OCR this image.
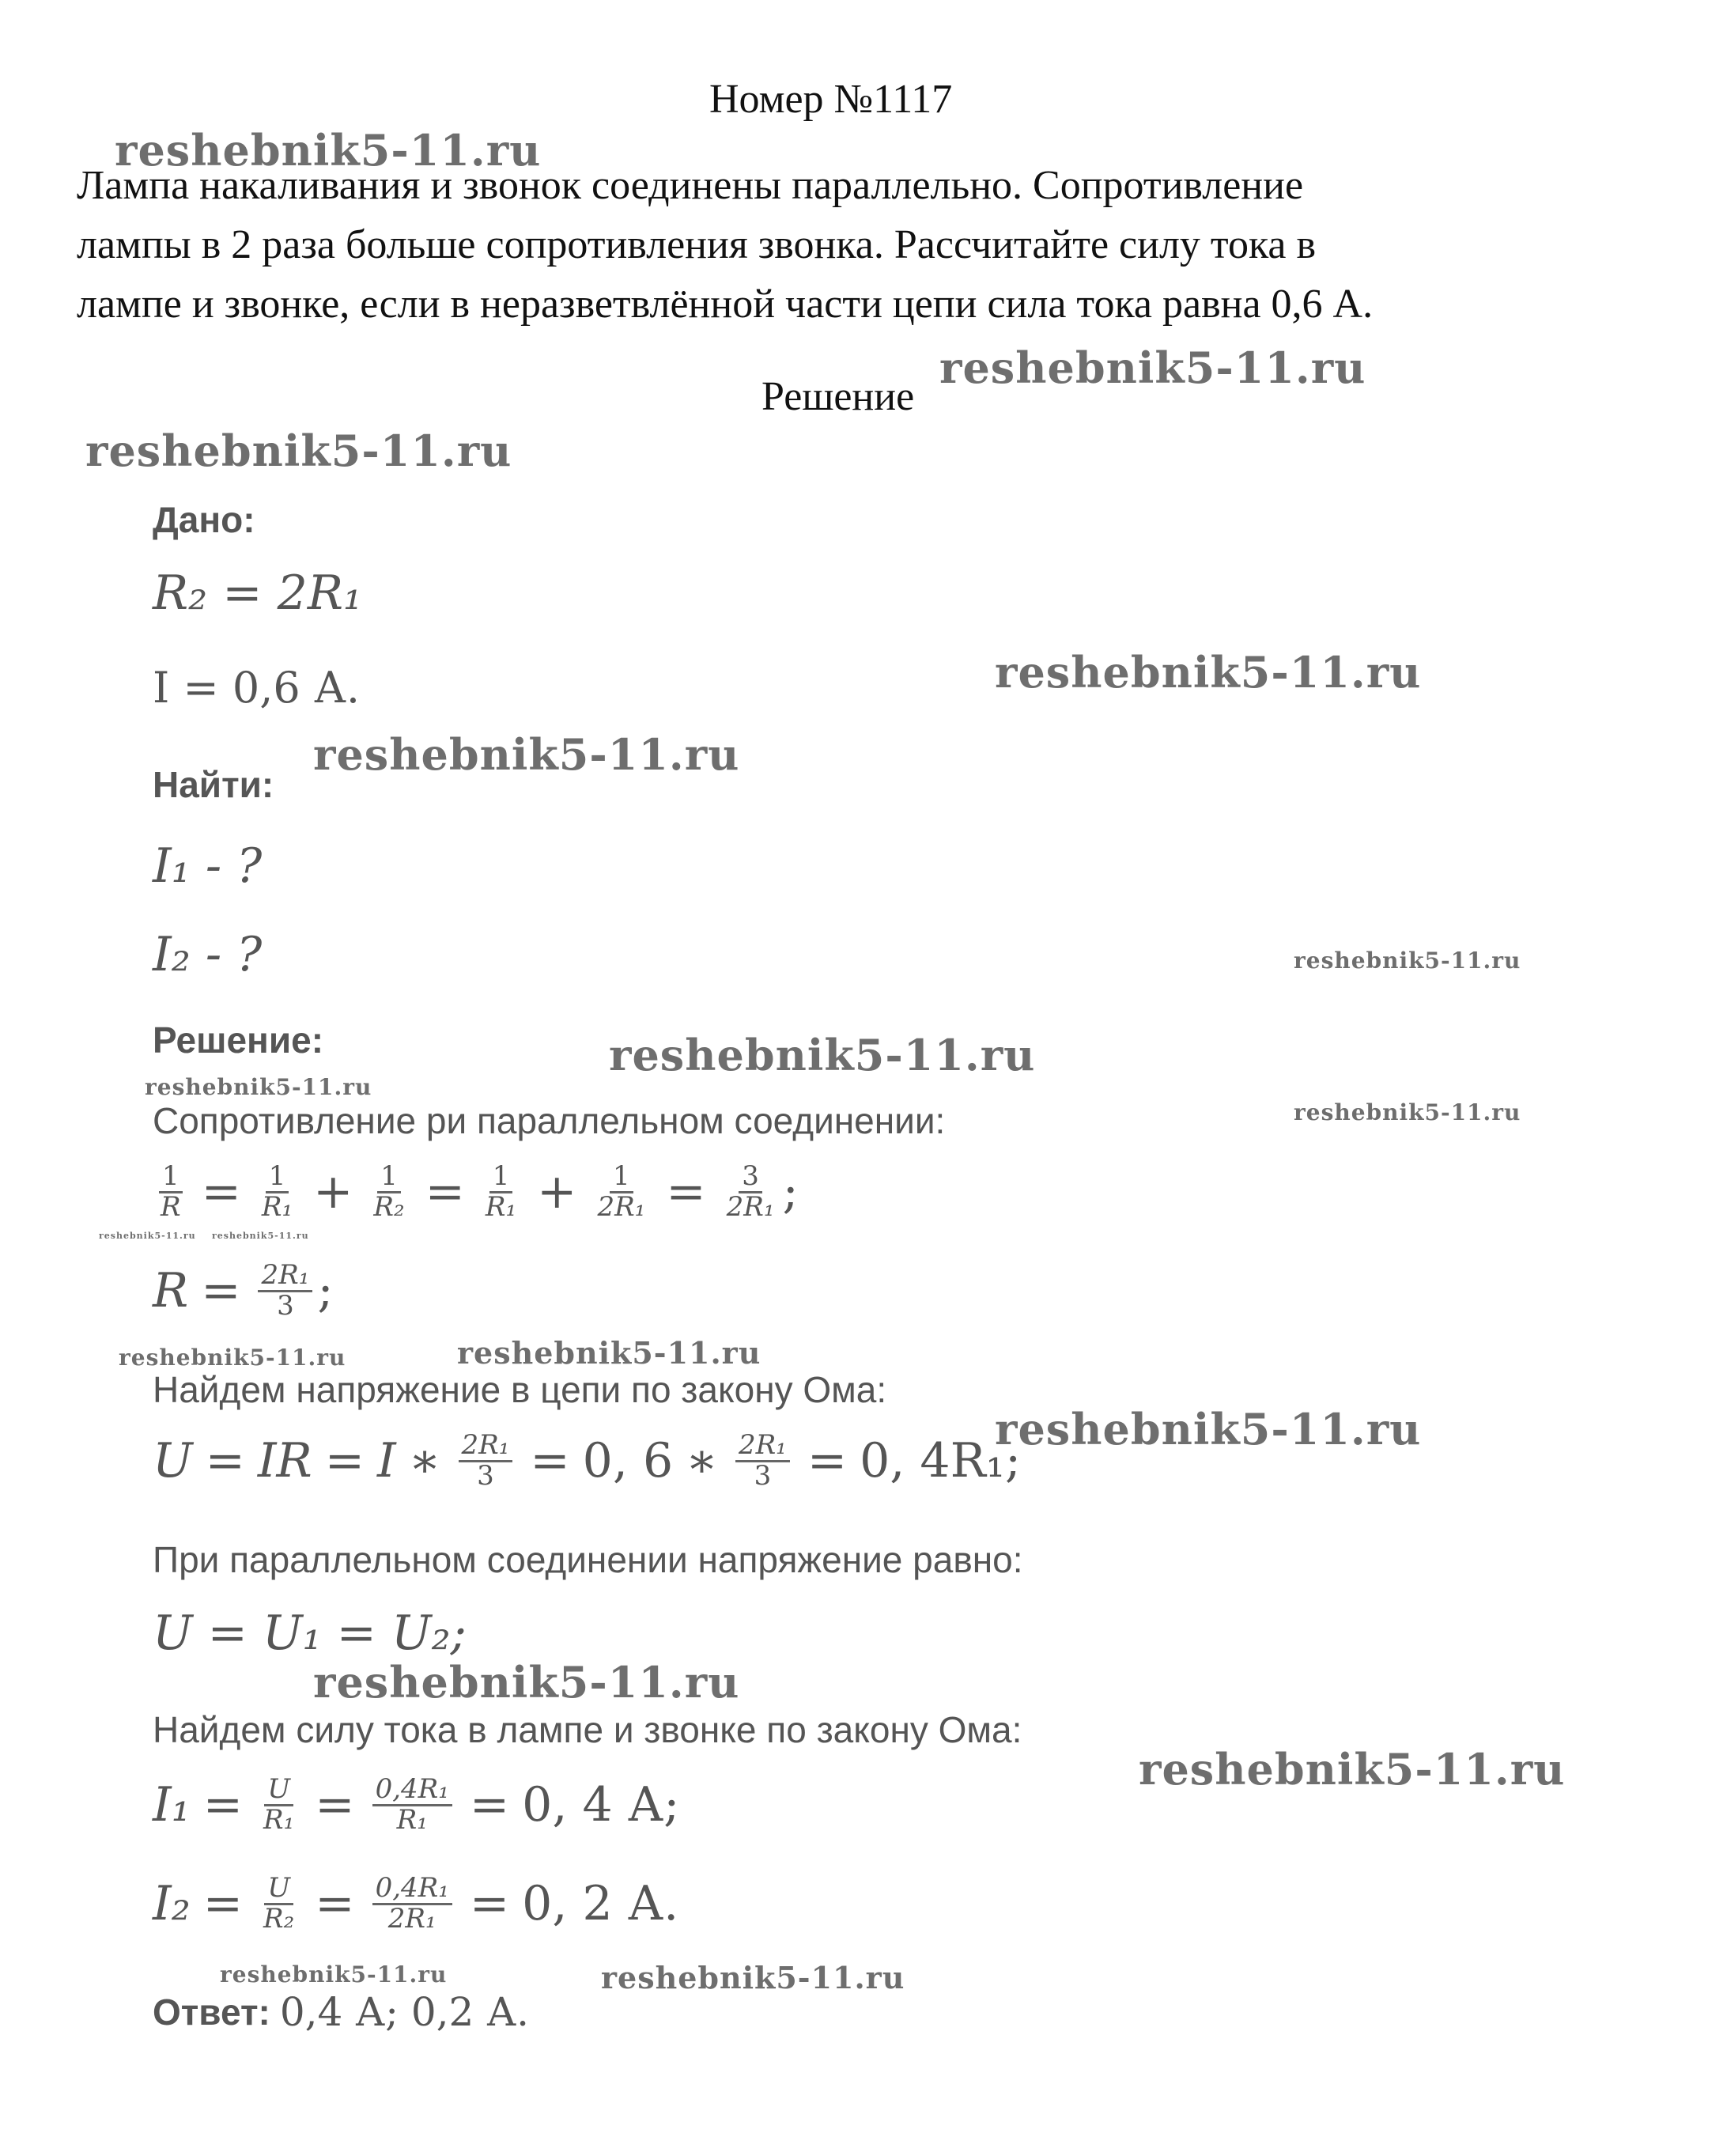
Номер №1117
Лампа накаливания и звонок соединены параллельно. Сопротивление
лампы в 2 раза больше сопротивления звонка. Рассчитайте силу тока в
лампе и звонке, если в неразветвлённой части цепи сила тока равна 0,6 А.
Решение
reshebnik5-11.ru
reshebnik5-11.ru
reshebnik5-11.ru
reshebnik5-11.ru
reshebnik5-11.ru
reshebnik5-11.ru
reshebnik5-11.ru
reshebnik5-11.ru
reshebnik5-11.ru
reshebnik5-11.ru reshebnik5-11.ru
reshebnik5-11.ru	reshebnik5-11.ru
reshebnik5-11.ru
reshebnik5-11.ru
reshebnik5-11.ru
reshebnik5-11.ru	reshebnik5-11.ru
Дано:
R₂ = 2R₁
I = 0,6 А.
Найти:
I₁ - ?
I₂ - ?
Решение:
Сопротивление ри параллельном соединении:
$\frac{1}{R} = \frac{1}{\text{R₁}} + \frac{1}{\text{R₂}} = \frac{1}{\text{R₁}} + \frac{1}{\text{2R₁}} = \frac{3}{\text{2R₁}}$ ;
$R = \frac{\text{2R₁}}{3}$ ;
Найдем напряжение в цепи по закону Ома:
U = IR = I ∗ $\frac{\text{2R₁}}{3} = 0$, 6 ∗ $\frac{\text{2R₁}}{3} = 0$, 4R₁;
При параллельном соединении напряжение равно:
U = U₁ = U₂;
Найдем силу тока в лампе и звонке по закону Ома:
$I_1 = \frac{U}{\text{R₁}} = \frac{\text{0,4R₁}}{\text{R₁}} = 0$, 4 А;
$I_2 = \frac{U}{\text{R₂}} = \frac{\text{0,4R₁}}{\text{2R₁}} = 0$, 2 А.
Ответ: 0,4 А; 0,2 А.
